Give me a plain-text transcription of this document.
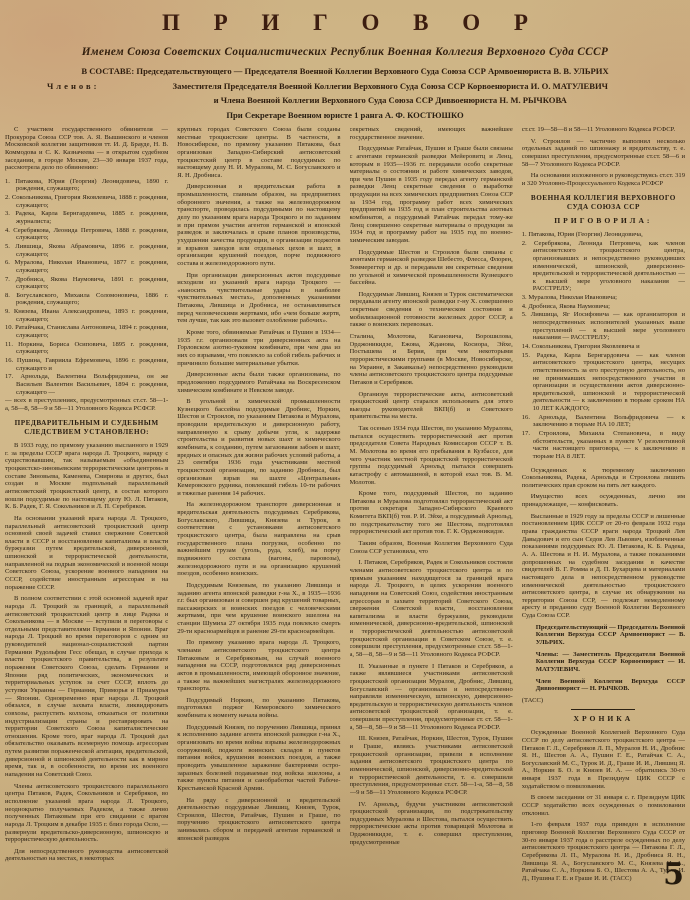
П Р И Г О В О Р
Именем Союза Советских Социалистических Республик Военная Коллегия Верховного Суда СССР
В СОСТАВЕ: Председательствующего — Председателя Военной Коллегии Верховного Суда Союза ССР Армвоенюриста В. В. УЛЬРИХ
Членов:	Заместителя Председателя Военной Коллегии Верховного Суда Союза ССР Корвоенюриста И. О. МАТУЛЕВИЧ
и Члена Военной Коллегии Верховного Суда Союза ССР Диввоенюриста Н. М. РЫЧКОВА
При Секретаре Военном юристе 1 ранга А. Ф. КОСТЮШКО

С участием государственного обвинителя — Прокурора Союза ССР тов. А. Я. Вышинского и членов Московской коллегии защитников тт. И. Д. Брауде, Н. В. Коммодова и С. К. Казначеева — в открытом судебном заседании, в городе Москве, 23—30 января 1937 года, рассмотрела дело по обвинению:

1. Пятакова, Юрия (Георгия) Леонидовича, 1890 г. рождения, служащего;

2. Сокольникова, Григория Яковлевича, 1888 г. рождения, служащего;

3. Радека, Карла Бернгардовича, 1885 г. рождения, журналиста;

4. Серебрякова, Леонида Петровича, 1888 г. рождения, служащего;

5. Лившица, Якова Абрамовича, 1896 г. рождения, служащего;

6. Муралова, Николая Ивановича, 1877 г. рождения, служащего;

7. Дробниса, Якова Наумовича, 1891 г. рождения, служащего;

8. Богуславского, Михаила Соломоновича, 1886 г. рождения, служащего;

9. Князева, Ивана Александровича, 1893 г. рождения, служащего;

10. Ратайчака, Станислава Антоновича, 1894 г. рождения, служащего;

11. Норкина, Бориса Осиповича, 1895 г. рождения, служащего;

16. Пушина, Гавриила Ефремовича, 1896 г. рождения, служащего и

17. Арнольда, Валентина Вольфридовича, он же Васильев Валентин Васильевич, 1894 г. рождения, служащего —

— всех в преступлениях, предусмотренных ст.ст. 58—1-а, 58—8, 58—9 и 58—11 Уголовного Кодекса РСФСР.

ПРЕДВАРИТЕЛЬНЫМ И СУДЕБНЫМ СЛЕДСТВИЕМ УСТАНОВЛЕНО:

В 1933 году, по прямому указанию высланного в 1929 г. за пределы СССР врага народа Л. Троцкого, наряду с существовавшим, так называемым «объединенным троцкистско-зиновьевским террористическим центром» в составе Зиновьева, Каменева, Смирнова и других, был создан в Москве подпольный параллельный антисоветский троцкистский центр, в состав которого вошли подсудимые по настоящему делу Ю. Л. Пятаков, К. Б. Радек, Г. Я. Сокольников и Л. П. Серебряков.

На основании указаний врага народа Л. Троцкого, параллельный антисоветский троцкистский центр основной своей задачей ставил свержение Советской власти в СССР и восстановление капитализма и власти буржуазии путем вредительской, диверсионной, шпионской и террористической деятельности, направленной на подрыв экономической и военной мощи Советского Союза, ускорение военного нападения на СССР, содействие иностранным агрессорам и на поражение СССР.

В полном соответствии с этой основной задачей враг народа Л. Троцкий за границей, а параллельный антисоветский троцкистский центр в лице Радека и Сокольникова — в Москве — вступили в переговоры с отдельными представителями Германии и Японии. Враг народа Л. Троцкий во время переговоров с одним из руководителей национал-социалистской партии Германии Рудольфом Гесс обещал, в случае прихода к власти троцкистского правительства, в результате поражения Советского Союза, сделать Германии и Японии ряд политических, экономических и территориальных уступок за счет СССР, вплоть до уступки Украины — Германии, Приморья и Приамурья — Японии. Одновременно враг народа Л. Троцкий обязался, в случае захвата власти, ликвидировать совхозы, распустить колхозы, отказаться от политики индустриализации страны и реставрировать на территории Советского Союза капиталистические отношения. Кроме того, враг народа Л. Троцкий дал обязательство оказывать всемерную помощь агрессорам путем развития пораженческой агитации, вредительской, диверсионной и шпионской деятельности как в мирное время, так и, в особенности, во время их военного нападения на Советский Союз.

Члены антисоветского троцкистского параллельного центра Пятаков, Радек, Сокольников и Серебряков, во исполнение указаний врага народа Л. Троцкого, неоднократно получаемых Радеком, а также лично полученных Пятаковым при его свидании с врагом народа Л. Троцким в декабре 1935 г. близ города Осло, — развернули вредительско-диверсионную, шпионскую и террористическую деятельность.

Для непосредственного руководства антисоветской деятельностью на местах, в некоторых

крупных городах Советского Союза были созданы местные троцкистские центры. В частности, в Новосибирске, по прямому указанию Пятакова, был организован Западно-Сибирский антисоветский троцкистский центр в составе подсудимых по настоящему делу Н. И. Муралова, М. С. Богуславского и Я. Н. Дробниса.

Диверсионная и вредительская работа в промышленности, главным образом, на предприятиях оборонного значения, а также на железнодорожном транспорте, проводилась подсудимыми по настоящему делу по указаниям врага народа Троцкого и по заданиям и при прямом участии агентов германской и японской разведок и заключалась в срыве планов производства, ухудшении качества продукции, в организации поджогов и взрывов заводов или отдельных цехов и шахт, в организации крушений поездов, порче подвижного состава и железнодорожного пути.

При организации диверсионных актов подсудимые исходили из указаний врага народа Троцкого — «наносить чувствительные удары в наиболее чувствительных местах», дополненных указаниями Пятакова, Лившица и Дробниса, не останавливаться перед человеческими жертвами, ибо «чем больше жертв, тем лучше, так как это вызовет озлобление рабочих».

Кроме того, обвиняемые Ратайчак и Пушин в 1934—1935 г.г. организовали три диверсионных акта на Горловском азотно-туковом комбинате, при чем два из них со взрывами, что повлекло за собой гибель рабочих и причинило большие материальные убытки.

Диверсионные акты были также организованы, по предложению подсудимого Ратайчака на Воскресенском химическом комбинате и Невском заводе.

В угольной и химической промышленности Кузнецкого бассейна подсудимые Дробнис, Норкин, Шестов и Строилов, по указаниям Пятакова и Муралова, проводили вредительскую и диверсионную работу, направленную к срыву добычи угля, к задержке строительства и развития новых шахт и химического комбината, к созданию, путем загазования забоев и шахт, вредных и опасных для жизни рабочих условий работы, а 23 сентября 1936 года участниками местной троцкистской организации, по заданию Дробниса, был организован взрыв на шахте «Центральная» Кемеровского рудника, повлекший гибель 10-ти рабочих и тяжелые ранения 14 рабочих.

На железнодорожном транспорте диверсионная и вредительская деятельность подсудимых Серебрякова, Богуславского, Лившица, Князева и Турок, в соответствии с установками антисоветского троцкистского центра, была направлена на срыв государственного плана погрузки, особенно по важнейшим грузам (уголь, руда, хлеб), на порчу подвижного состава (вагоны, паровозы), железнодорожного пути и на организацию крушений поездов, особенно воинских.

Подсудимым Князевым, по указанию Лившица и заданию агента японской разведки г-на X., в 1935—1936 г.г. был организован и совершен ряд крушений товарных, пассажирских и воинских поездов с человеческими жертвами, при чем крушение воинского эшелона на станции Шумиха 27 октября 1935 года повлекло смерть 29-ти красноармейцев и ранение 29-ти красноармейцев.

По прямому указанию врага народа Л. Троцкого, членами антисоветского троцкистского центра Пятаковым и Серебряковым, на случай военного нападения на СССР, подготовлялся ряд диверсионных актов в промышленности, имеющей оборонное значение, а также на важнейших магистралях железнодорожного транспорта.

Подсудимый Норкин, по указанию Пятакова, подготовлял поджог Кемеровского химического комбината к моменту начала войны.

Подсудимый Князев, по поручению Лившица, принял к исполнению задание агента японской разведки г-на X., организовать во время войны взрывы железнодорожных сооружений, поджоги воинских складов и пунктов питания войск, крушения воинских поездов, а также проводить умышленное заражение бактериями остро-заразных болезней подаваемые под войска эшелоны, а также пункты питания и санобработки частей Рабоче-Крестьянской Красной Армии.

На ряду с диверсионной и вредительской деятельностью подсудимые Лившиц, Князев, Турок, Строилов, Шестов, Ратайчак, Пушин и Граше, по поручению троцкистского антисоветского центра занимались сбором и передачей агентам германской и японской разведок

секретных сведений, имеющих важнейшее государственное значение.

Подсудимые Ратайчак, Пушин и Граше были связаны с агентами германской разведки Мейеровитц и Ленц, которым в 1935—1936 гг. передавали особо секретные материалы о состоянии и работе химических заводов, при чем Пушин в 1935 году передал агенту германской разведки Ленц секретные сведения о выработке продукции на всех химических предприятиях Союза ССР за 1934 год, программу работ всех химических предприятий на 1935 год и план строительства азотных комбинатов, а подсудимый Ратайчак передал тому-же Ленц совершенно секретные материалы о продукции за 1934 год и программу работ на 1935 год по военно-химическим заводам.

Подсудимые Шестов и Строилов были связаны с агентами германской разведки Шебесто, Флесса, Флорен, Зоммерегтер и др. и передавали им секретные сведения по угольной и химической промышленности Кузнецкого бассейна.

Подсудимые Лившиц, Князев и Турок систематически передавали агенту японской разведки г-ну X. совершенно секретные сведения о техническом состоянии и мобилизационной готовности железных дорог СССР, а также о воинских перевозках.

Сталина, Молотова, Кагановича, Ворошилова, Орджоникидзе, Ежова, Жданова, Косиора, Эйхе, Постышева и Берия, при чем некоторыми террористическими группами (в Москве, Новосибирске, на Украине, в Закавказье) непосредственно руководили члены антисоветского троцкистского центра подсудимые Пятаков и Серебряков.

Организуя террористические акты, антисоветский троцкистский центр старался использовать для этого выезды руководителей ВКП(б) и Советского правительства на места.

Так осенью 1934 года Шестов, по указанию Муралова, пытался осуществить террористический акт против председателя Совета Народных Комиссаров СССР т. В. М. Молотова во время его пребывания в Кузбассе, для чего участник местной троцкистской террористической группы подсудимый Арнольд пытался совершить катастрофу с автомашиной, в которой ехал тов. В. М. Молотов.

Кроме того, подсудимый Шестов, по заданию Пятакова и Муралова подготовлял террористический акт против секретаря Западно-Сибирского Краевого Комитета ВКП(б) тов. Р. И. Эйхе, а подсудимый Арнольд, по подстрекательству того же Шестова, подготовлял террористический акт против тов. Г. К. Орджоникидзе.

Таким образом, Военная Коллегия Верховного Суда Союза ССР установила, что

I. Пятаков, Серебряков, Радек и Сокольников состояли членами антисоветского троцкистского центра и по прямым указаниям находящегося за границей врага народа Л. Троцкого, в целях ускорения военного нападения на Советский Союз, содействия иностранным агрессорам в захвате территорий Советского Союза, свержения Советской власти, восстановления капитализма и власти буржуазии, руководили изменнической, диверсионно-вредительской, шпионской и террористической деятельностью антисоветской троцкистской организации в Советском Союзе, т. е. совершили преступления, предусмотренные ст.ст. 58—1-а, 58—8, 58—9 и 58—11 Уголовного Кодекса РСФСР.

II. Указанные в пункте I Пятаков и Серебряков, а также являвшиеся участниками антисоветской троцкистской организации Муралов, Дробнис, Лившиц, Богуславский — организовали и непосредственно направляли изменническую, шпионскую, диверсионно-вредительскую и террористическую деятельность членов антисоветской троцкистской организации, т. е. совершили преступления, предусмотренные ст. ст. 58—1-а, 58—8, 58—9 и 58—11 Уголовного Кодекса РСФСР.

III. Князев, Ратайчак, Норкин, Шестов, Турок, Пушин и Граше, являясь участниками антисоветской троцкистской организации, привели в исполнение задания антисоветского троцкистского центра по изменнической, шпионской, диверсионно-вредительской и террористической деятельности, т. е. совершили преступления, предусмотренные ст.ст. 58—1-а, 58—8, 58—9 и 58—11 Уголовного Кодекса РСФСР.

IV. Арнольд, будучи участником антисоветской троцкистской организации, по подстрекательству подсудимых Муралова и Шестова, пытался осуществить террористические акты против товарищей Молотова и Орджоникидзе, т. е. совершил преступления, предусмотренные

ст.ст. 19—58—8 и 58—11 Уголовного Кодекса РСФСР.

V. Строилов — частично выполнил несколько отдельных заданий по шпионажу и вредительству, т. е. совершил преступления, предусмотренные ст.ст. 58—6 и 58—7 Уголовного Кодекса РСФСР.

На основании изложенного и руководствуясь ст.ст. 319 и 320 Уголовно-Процессуального Кодекса РСФСР

ВОЕННАЯ КОЛЛЕГИЯ ВЕРХОВНОГО СУДА СОЮЗА ССР

ПРИГОВОРИЛА:

1. Пятакова, Юрия (Георгия) Леонидовича,

2. Серебрякова, Леонида Петровича, как членов антисоветского троцкистского центра, организовавших и непосредственно руководивших изменнической, шпионской, диверсионно-вредительской и террористической деятельностью — к высшей мере уголовного наказания — РАССТРЕЛУ;

3. Муралова, Николая Ивановича;

4. Дробниса, Якова Наумовича;

5. Лившица, Яг Иосифовича — как организаторов и непосредственных исполнителей указанных выше преступлений — к высшей мере уголовного наказания — РАССТРЕЛУ;

14. Сокольникова, Григория Яковлевича и

15. Радека, Карла Бернгардовича — как членов антисоветского троцкистского центра, несущих ответственность за его преступную деятельность, но не принимавших непосредственного участия в организации и осуществлении актов диверсионно-вредительской, шпионской и террористической деятельности — к заключению в тюрьме сроком НА 10 ЛЕТ КАЖДОГО;

16. Арнольда, Валентина Вольфридовича — к заключению в тюрьме НА 10 ЛЕТ;

17. Строилова, Михаила Степановича, в виду обстоятельств, указанных в пункте V резолютивной части настоящего приговора, — к заключению в тюрьме НА 8 ЛЕТ.

Осужденных к тюремному заключению Сокольникова, Радека, Арнольда и Строилова лишить политических прав сроком на пять лет каждого.

Имущество всех осужденных, лично им принадлежащее, — конфисковать.

Высланные в 1929 году за пределы СССР и лишенные постановлением ЦИК СССР от 20-го февраля 1932 года права гражданства СССР враги народа Троцкий Лев Давыдович и его сын Седов Лев Львович, изобличенные показаниями подсудимых Ю. Л. Пятакова, К. Б. Радека, А. А. Шестова и Н. И. Муралова, а также показаниями допрошенных на судебном заседании в качестве свидетелей В. Г. Ромма и Д. П. Бухарцева и материалами настоящего дела в непосредственном руководстве изменнической деятельностью троцкистского антисоветского центра, в случае их обнаружения на территории Союза ССР, — подлежат немедленному аресту и преданию суду Военной Коллегии Верховного Суда Союза ССР.

Председательствующий — Председатель Военной Коллегии Верхсуда СССР Армвоенюрист — В. УЛЬРИХ.

Члены: — Заместитель Председателя Военной Коллегии Верхсуда СССР Корвоенюрист — И. МАТУЛЕВИЧ.

Член Военной Коллегии Верхсуда СССР Диввоенюрист — Н. РЫЧКОВ.

(ТАСС)

ХРОНИКА

Осужденные Военной Коллегией Верховного Суда СССР по делу антисоветского троцкистского центра — Пятаков Г. Л., Серебряков Л. П., Муралов Н. И., Дробнис Я. Н., Шестов А. А., Пушин Г. Е., Ратайчак С. А., Богуславский М. С., Турок И. Д., Граше И. И., Лившиц Я. А., Норкин Б. О. и Князев И. А. — обратились 30-го января 1937 года в Президиум ЦИК СССР с ходатайством о помиловании.

В своем заседании от 31 января с. г. Президиум ЦИК СССР ходатайство всех осужденных о помиловании отклонил.

1-го февраля 1937 года приведен в исполнение приговор Военной Коллегии Верховного Суда СССР от 30-го января 1937 года о расстреле осужденных по делу антисоветского троцкистского центра — Пятакова Г. Л., Серебрякова Л. П., Муралова Н. И., Дробниса Я. Н., Лившица Я. А., Богуславского М. С., Князева И. А., Ратайчака С. А., Норкина Б. О., Шестова А. А., Турок И. Д., Пушина Г. Е. и Граше И. И. (ТАСС)	5
